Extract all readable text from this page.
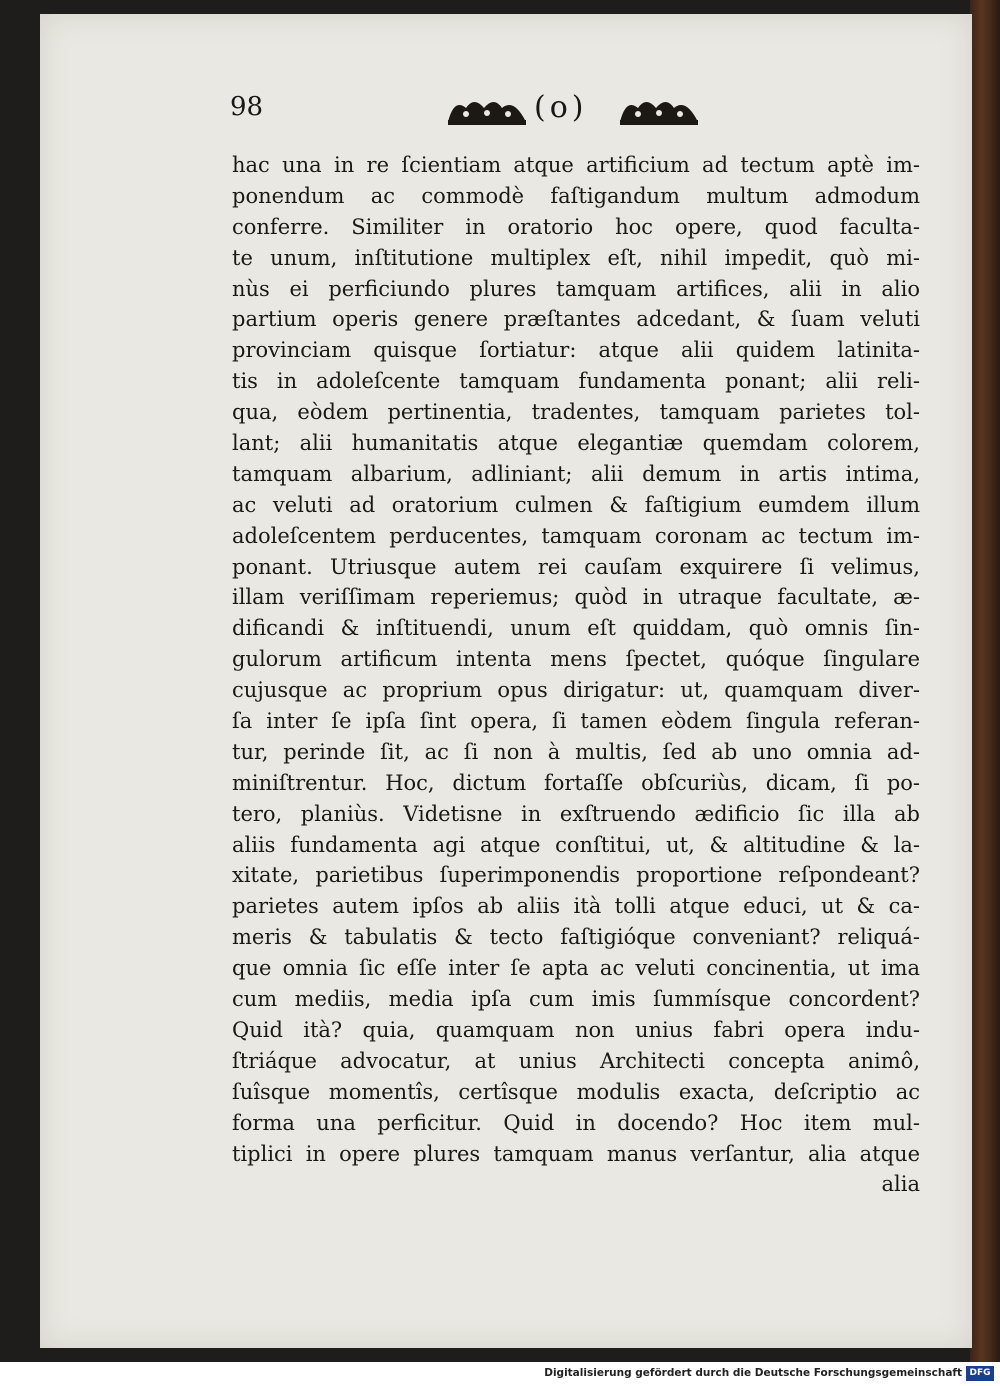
98	(o)
hac una in re ſcientiam atque artificium ad tectum aptè im-
ponendum ac commodè faſtigandum multum admodum
conferre. Similiter in oratorio hoc opere, quod faculta-
te unum, inſtitutione multiplex eſt, nihil impedit, quò mi-
nùs ei perficiundo plures tamquam artifices, alii in alio
partium operis genere præſtantes adcedant, & ſuam veluti
provinciam quisque ſortiatur: atque alii quidem latinita-
tis in adoleſcente tamquam fundamenta ponant; alii reli-
qua, eòdem pertinentia, tradentes, tamquam parietes tol-
lant; alii humanitatis atque elegantiæ quemdam colorem,
tamquam albarium, adliniant; alii demum in artis intima,
ac veluti ad oratorium culmen & faſtigium eumdem illum
adoleſcentem perducentes, tamquam coronam ac tectum im-
ponant. Utriusque autem rei cauſam exquirere ſi velimus,
illam veriſſimam reperiemus; quòd in utraque facultate, æ-
dificandi & inſtituendi, unum eſt quiddam, quò omnis ſin-
gulorum artificum intenta mens ſpectet, quóque ſingulare
cujusque ac proprium opus dirigatur: ut, quamquam diver-
ſa inter ſe ipſa ſint opera, ſi tamen eòdem ſingula referan-
tur, perinde ſit, ac ſi non à multis, ſed ab uno omnia ad-
miniſtrentur. Hoc, dictum fortaſſe obſcuriùs, dicam, ſi po-
tero, planiùs. Videtisne in exſtruendo ædificio ſic illa ab
aliis fundamenta agi atque conſtitui, ut, & altitudine & la-
xitate, parietibus ſuperimponendis proportione reſpondeant?
parietes autem ipſos ab aliis ità tolli atque educi, ut & ca-
meris & tabulatis & tecto faſtigióque conveniant? reliquá-
que omnia ſic eſſe inter ſe apta ac veluti concinentia, ut ima
cum mediis, media ipſa cum imis ſummísque concordent?
Quid ità? quia, quamquam non unius fabri opera indu-
ſtriáque advocatur, at unius Architecti concepta animô,
ſuîsque momentîs, certîsque modulis exacta, deſcriptio ac
forma una perficitur. Quid in docendo? Hoc item mul-
tiplici in opere plures tamquam manus verſantur, alia atque
alia
Digitalisierung gefördert durch die Deutsche Forschungsgemeinschaft DFG
